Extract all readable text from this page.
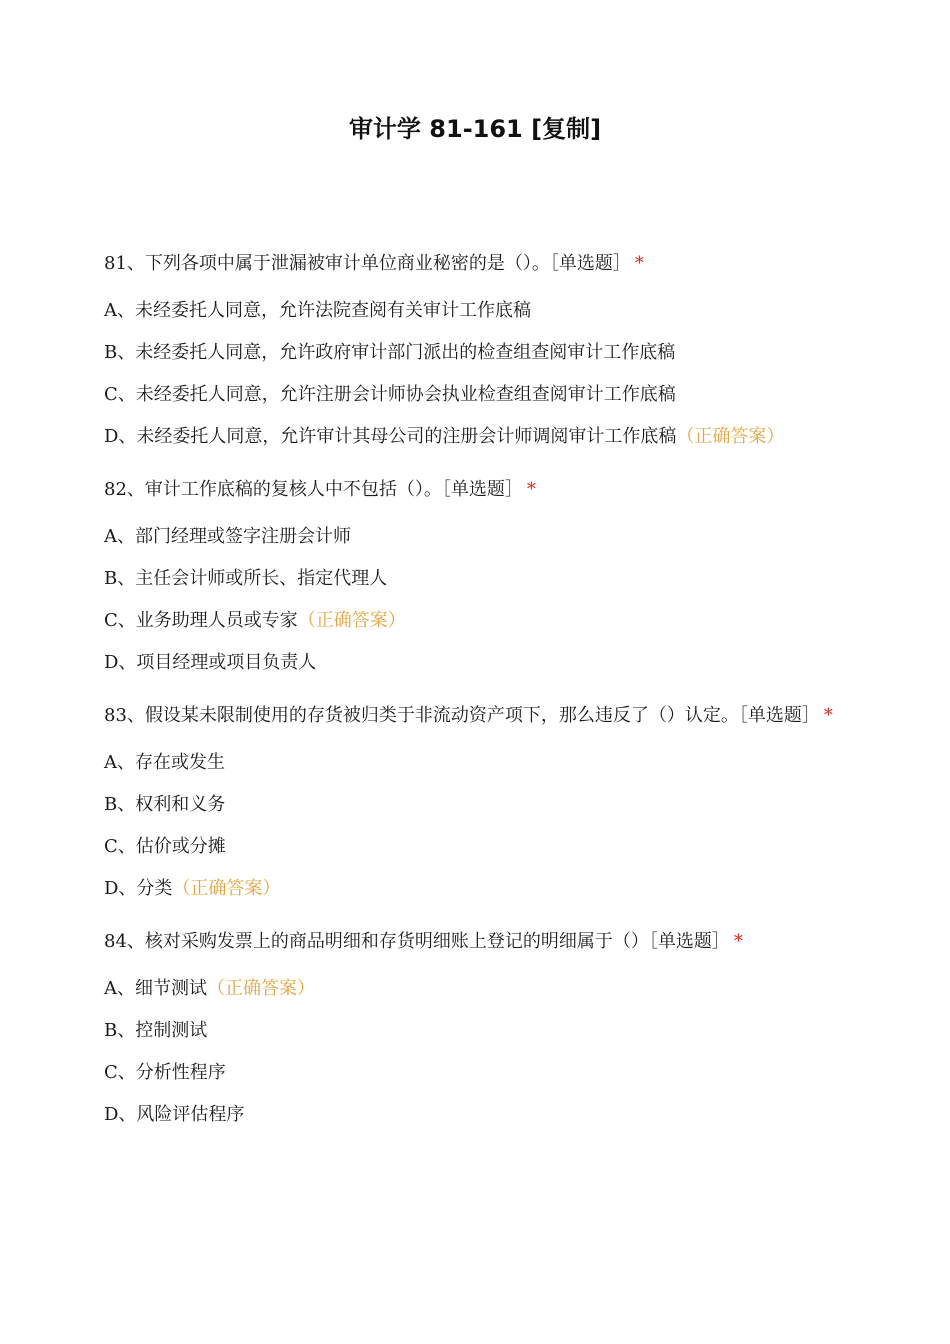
审计学 81-161 [复制]
81、下列各项中属于泄漏被审计单位商业秘密的是（）。［单选题］ *
A、未经委托人同意，允许法院查阅有关审计工作底稿
B、未经委托人同意，允许政府审计部门派出的检查组查阅审计工作底稿
C、未经委托人同意，允许注册会计师协会执业检查组查阅审计工作底稿
D、未经委托人同意，允许审计其母公司的注册会计师调阅审计工作底稿（正确答案）
82、审计工作底稿的复核人中不包括（）。［单选题］ *
A、部门经理或签字注册会计师
B、主任会计师或所长、指定代理人
C、业务助理人员或专家（正确答案）
D、项目经理或项目负责人
83、假设某未限制使用的存货被归类于非流动资产项下，那么违反了（）认定。［单选题］ *
A、存在或发生
B、权利和义务
C、估价或分摊
D、分类（正确答案）
84、核对采购发票上的商品明细和存货明细账上登记的明细属于（）［单选题］ *
A、细节测试（正确答案）
B、控制测试
C、分析性程序
D、风险评估程序
